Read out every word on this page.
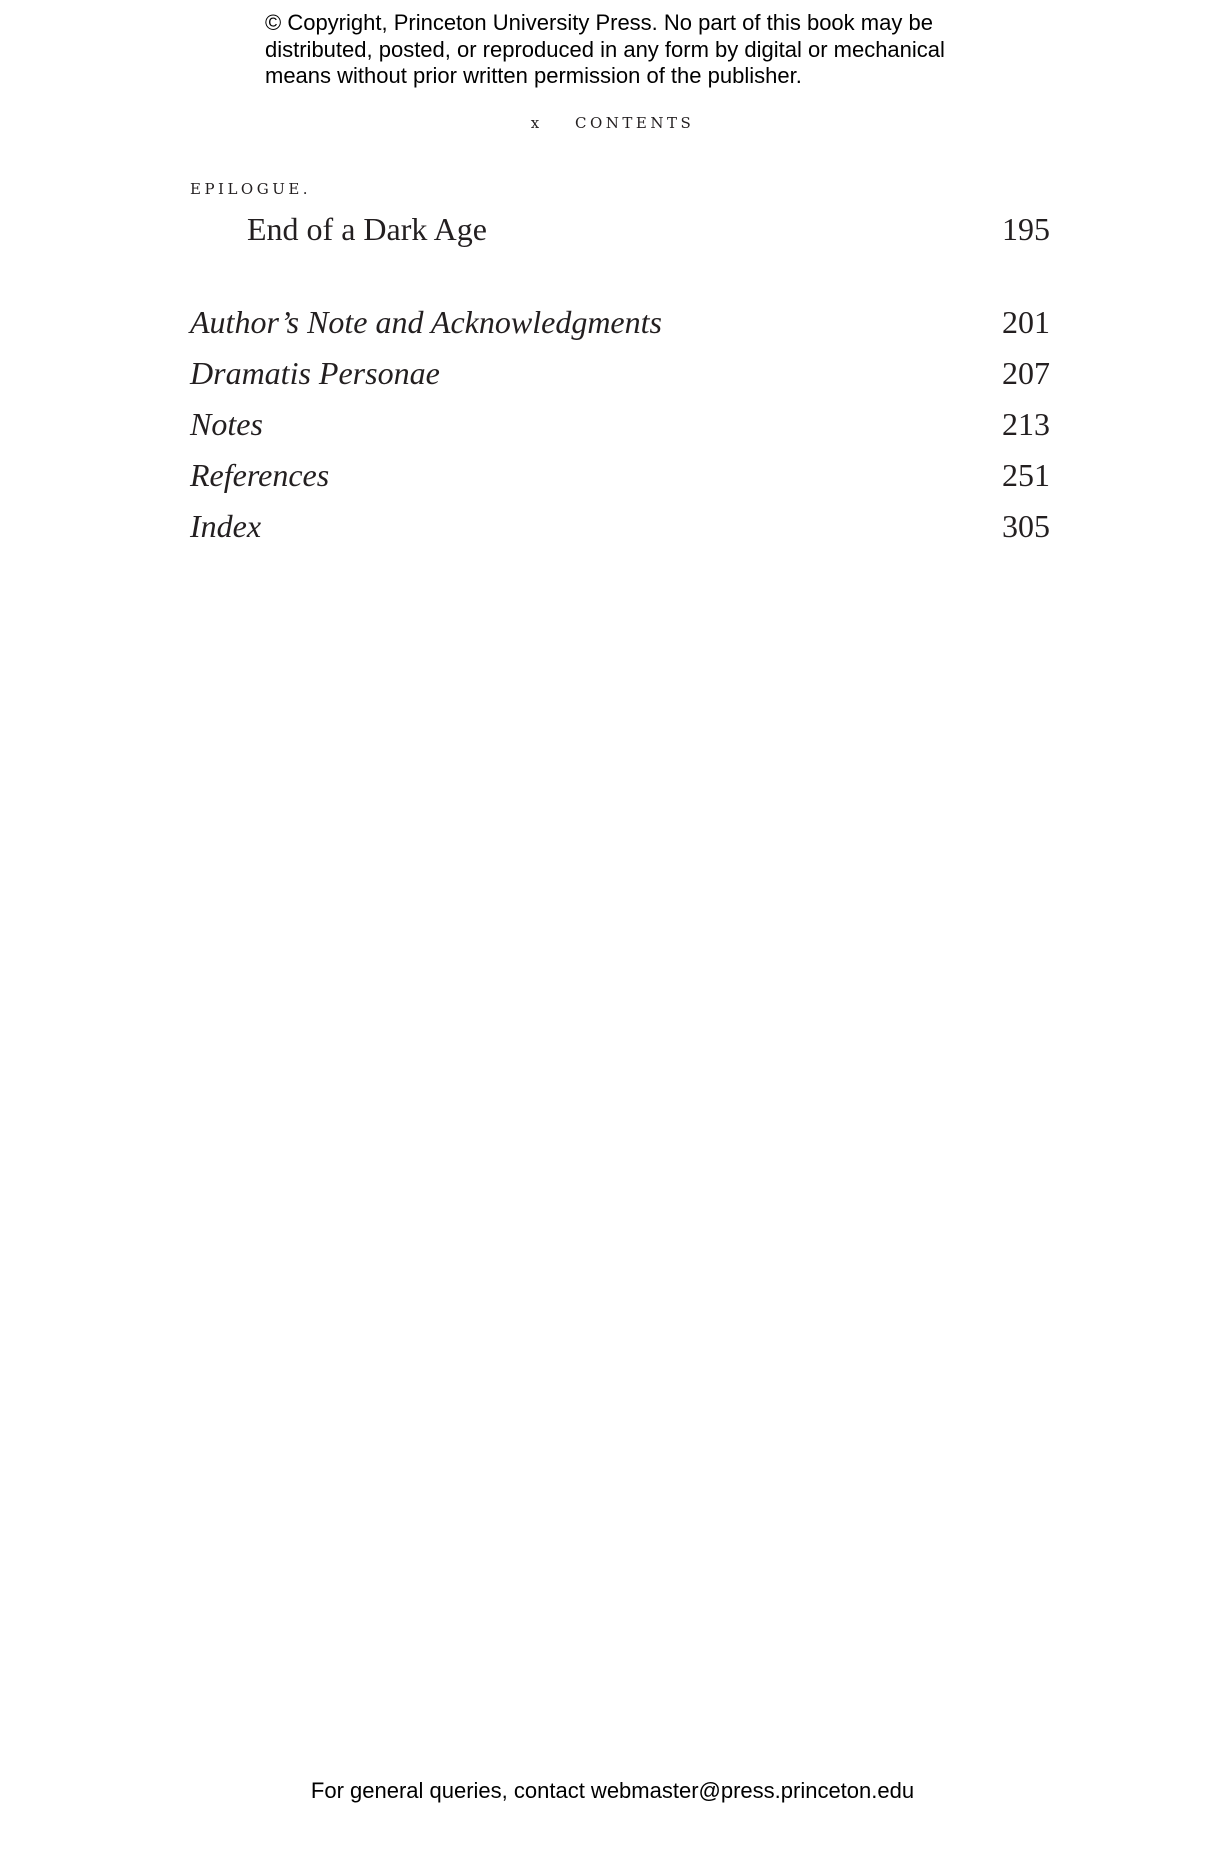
© Copyright, Princeton University Press. No part of this book may be
distributed, posted, or reproduced in any form by digital or mechanical
means without prior written permission of the publisher.
x CONTENTS
EPILOGUE.
End of a Dark Age	195
Author’s Note and Acknowledgments	201
Dramatis Personae	207
Notes	213
References	251
Index	305
For general queries, contact webmaster@press.princeton.edu
